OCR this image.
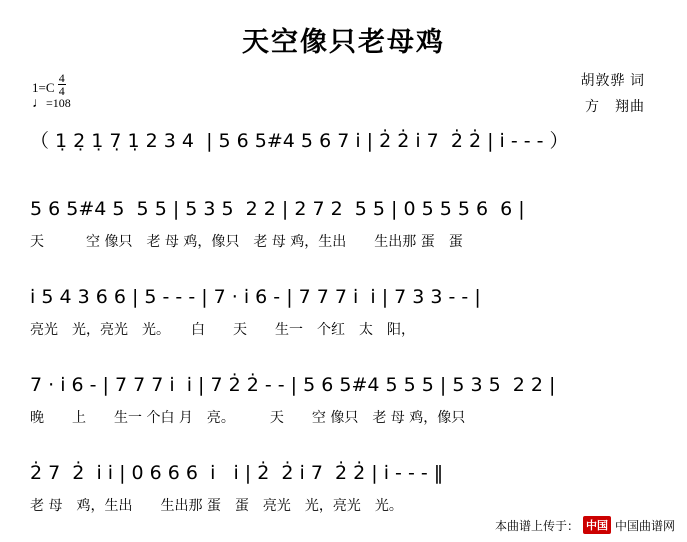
天空像只老母鸡
$1=C \frac{4}{4}$
♩=108
胡敦骅 词
方　翔曲
（ 1̣ 2̣ 1̣ 7̣ 1̣ 2 3 4  | 5 6 5#4 5 6 7 i̇ | 2̇ 2̇ i̇ 7  2̇ 2̇ | i̇ - - - ）
5 6 5#4 5  5 5 | 5 3 5  2 2 | 2 7 2  5 5 | 0 5 5 5 6  6 |
天　　　空 像只　老 母 鸡，像只　老 母 鸡，生出　　生出那 蛋　蛋
i̇ 5 4 3 6 6 | 5 - - - | 7 · i̇ 6 - | 7 7 7 i̇  i̇ | 7 3 3 - - |
亮光　光，亮光　光。　　白　　天　　生一　个红　太　阳，
7 · i̇ 6 - | 7 7 7 i̇  i̇ | 7 2̇ 2̇ - - | 5 6 5#4 5 5 5 | 5 3 5  2 2 |
晚　　上　　生一 个白 月　亮。　　　天　　空 像只　老 母 鸡，像只
2̇ 7  2̇  i̇ i̇ | 0 6 6 6  i̇   i̇ | 2̇  2̇ i̇ 7  2̇ 2̇ | i̇ - - - ‖
老 母　鸡，生出　　生出那 蛋　蛋　亮光　光，亮光　光。
本曲谱上传于： 中国 中国曲谱网
